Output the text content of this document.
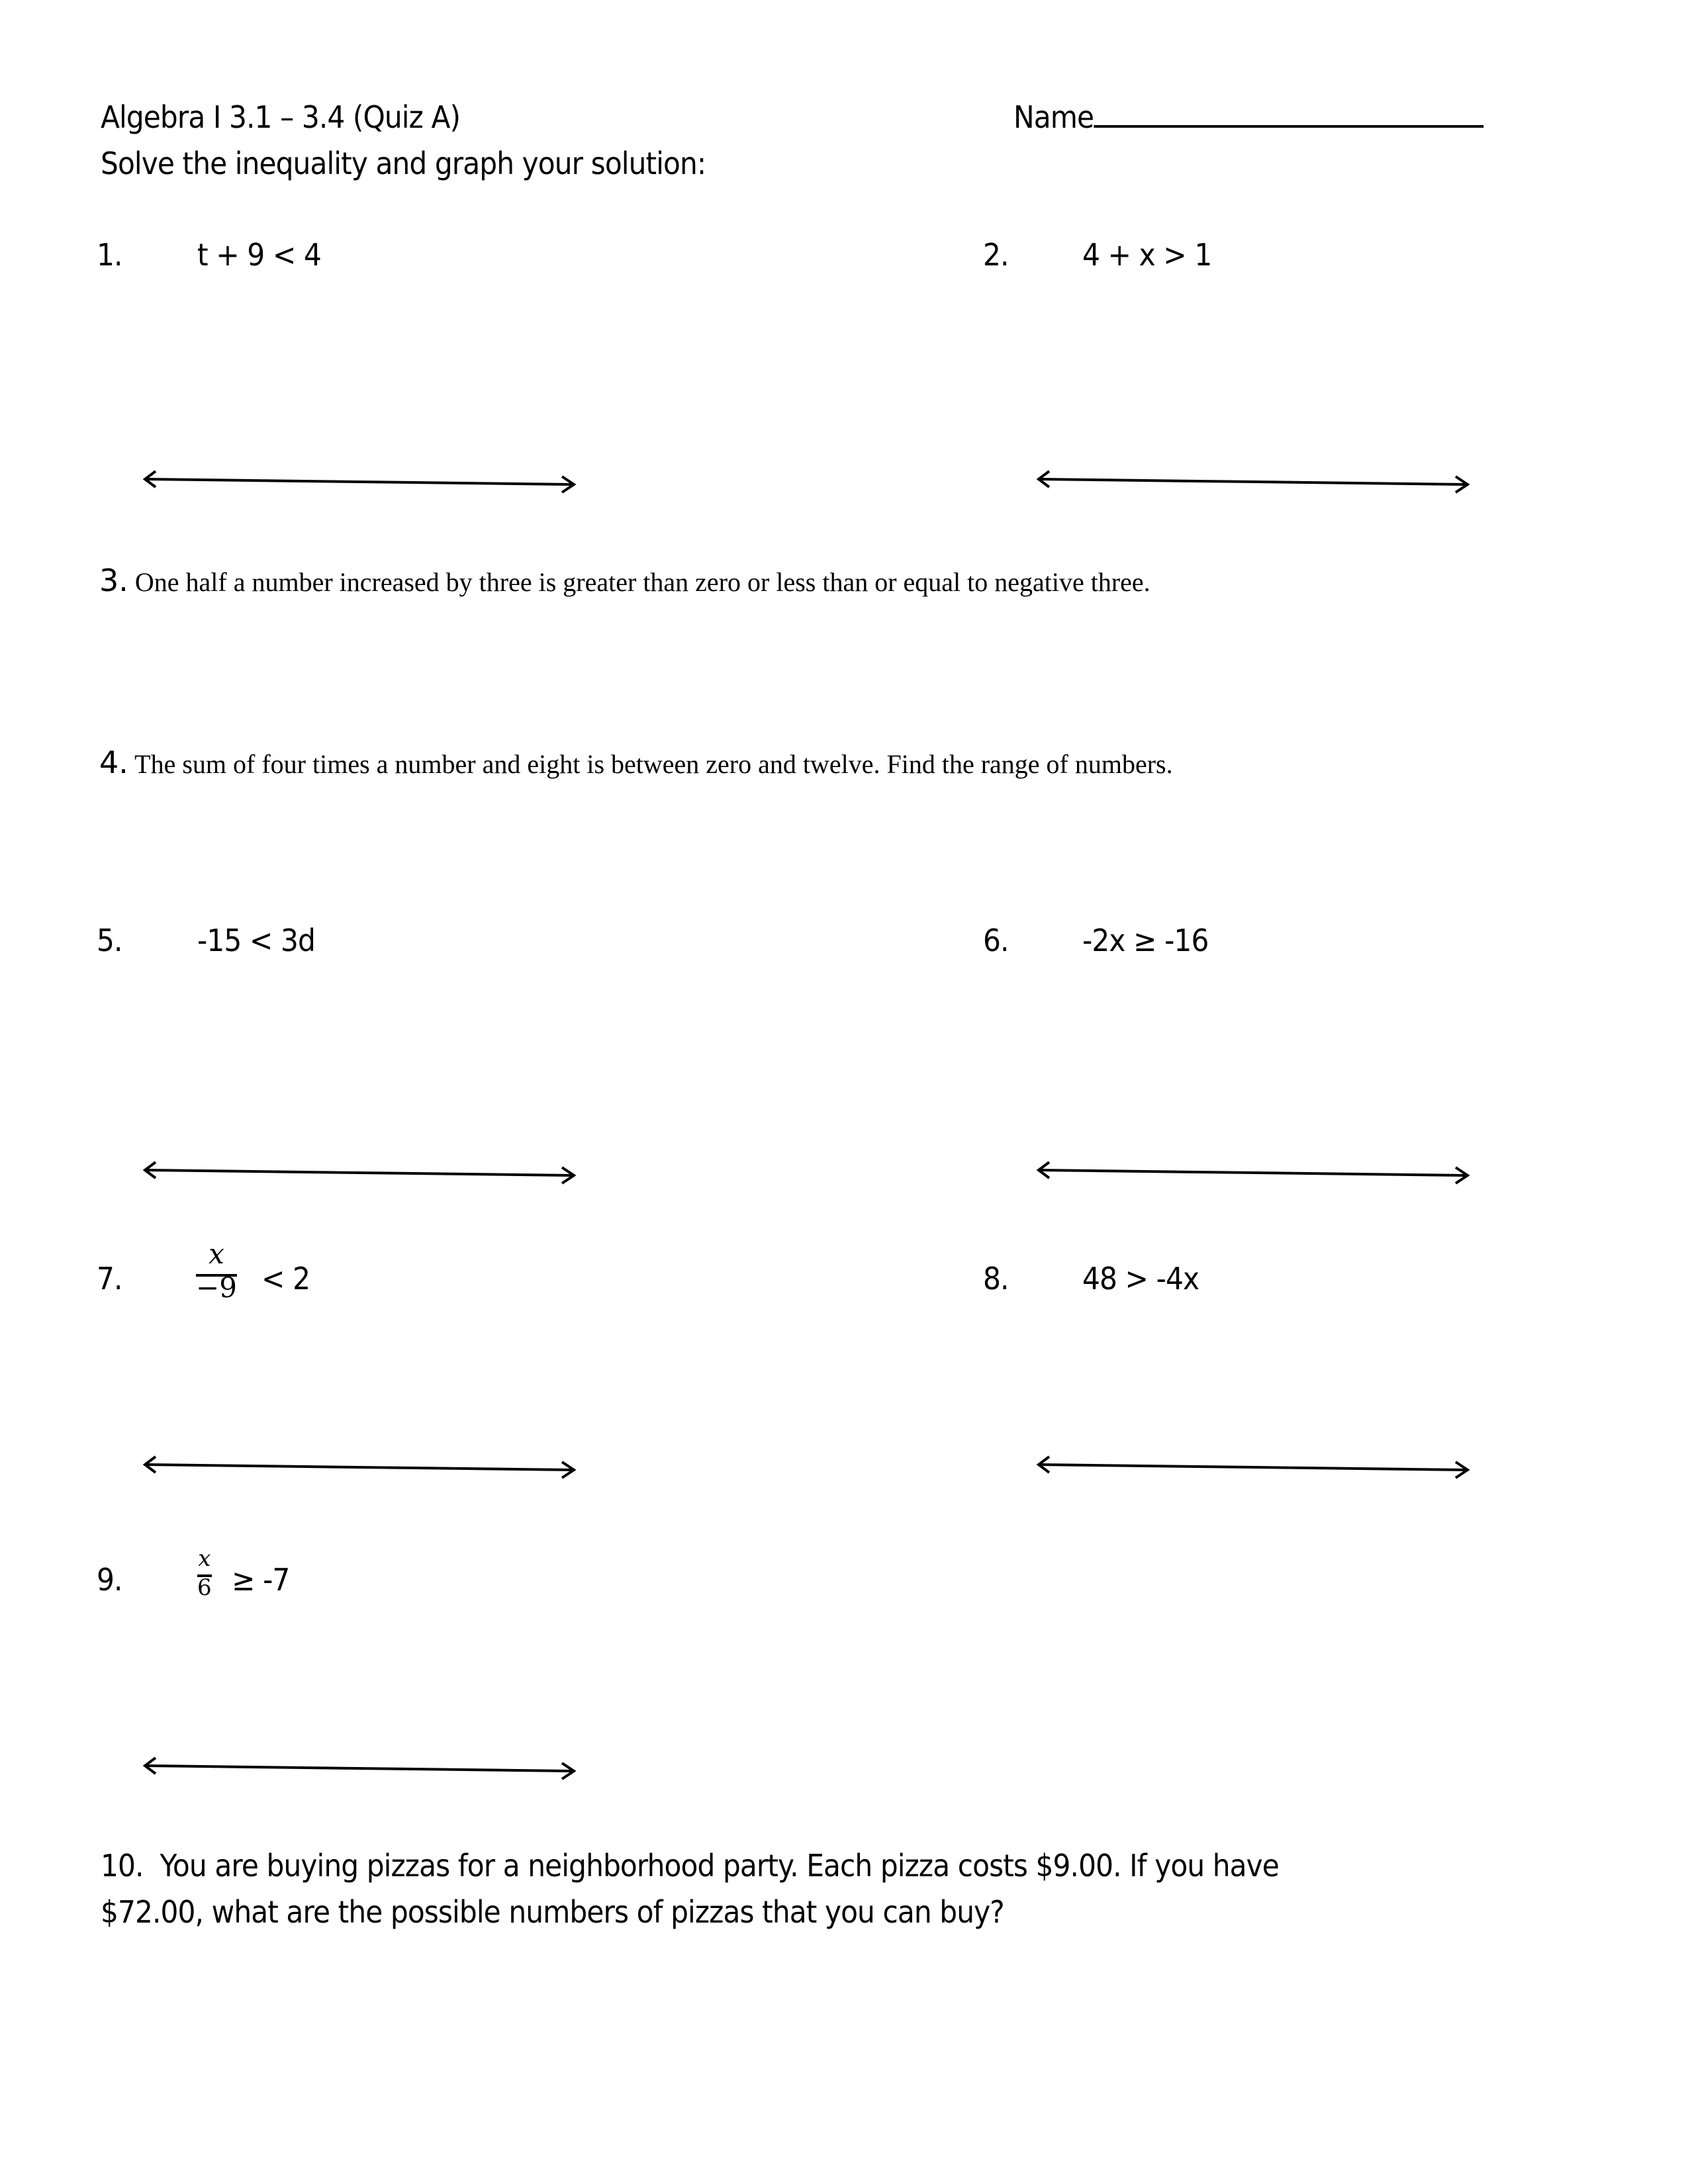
Algebra I 3.1 – 3.4 (Quiz A)	Name
Solve the inequality and graph your solution:
1. t + 9 < 4	2. 4 + x > 1
3. One half a number increased by three is greater than zero or less than or equal to negative three.
4. The sum of four times a number and eight is between zero and twelve. Find the range of numbers.
5. -15 < 3d	6. -2x ≥ -16
7.
x
−9 < 2	8. 48 > -4x
9.
x
6 ≥ -7
10. You are buying pizzas for a neighborhood party. Each pizza costs $9.00. If you have
$72.00, what are the possible numbers of pizzas that you can buy?
